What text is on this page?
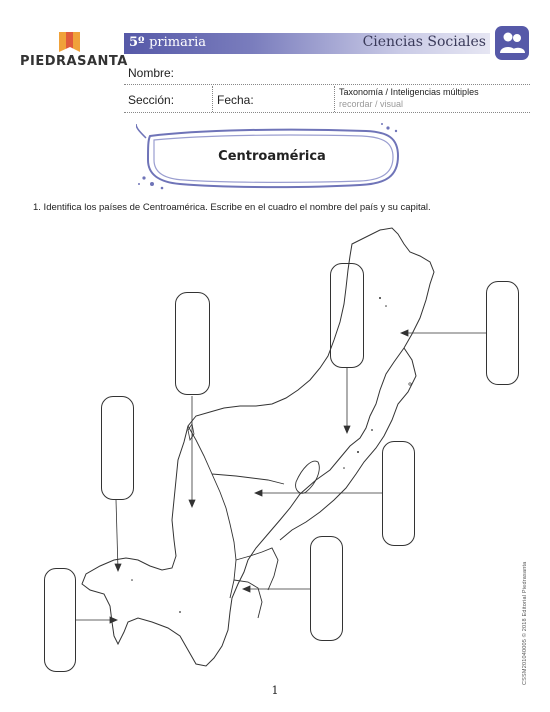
PIEDRASANTA
5º primaria	Ciencias Sociales
Nombre:
Sección:	Fecha:
Taxonomía / Inteligencias múltiples
recordar / visual
Centroamérica
1. Identifica los países de Centroamérica. Escribe en el cuadro el nombre del país y su capital.
1
CSSM201040005 © 2018 Editorial Piedrasanta
